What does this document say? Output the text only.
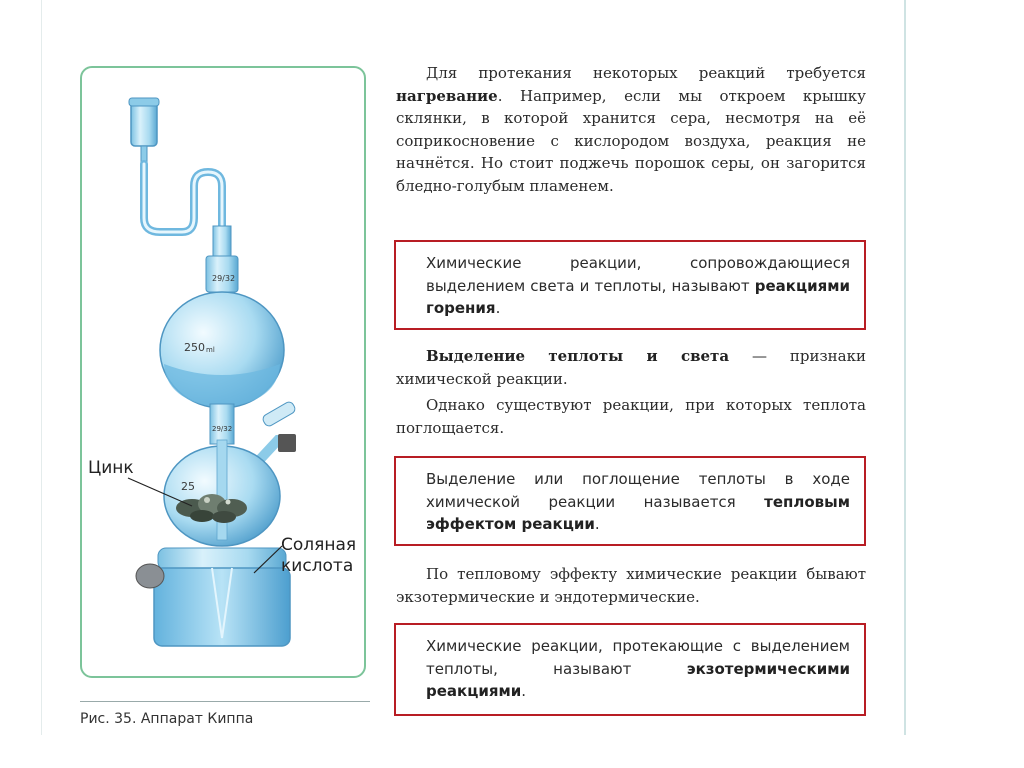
29/32
250 ml
29/32
25
Цинк
Соляная
кислота
Рис. 35. Аппарат Киппа
Для протекания некоторых реакций требуется нагревание. Например, если мы откроем крышку склянки, в которой хранится сера, несмотря на её соприкосновение с кислородом воздуха, реакция не начнётся. Но стоит поджечь порошок серы, он загорится бледно-голубым пламенем.
Химические реакции, сопровождающиеся выделением света и теплоты, называют реакциями горения.
Выделение теплоты и света — признаки химической реакции.
Однако существуют реакции, при которых теплота поглощается.
Выделение или поглощение теплоты в ходе химической реакции называется тепловым эффектом реакции.
По тепловому эффекту химические реакции бывают экзотермические и эндотермические.
Химические реакции, протекающие с выделением теплоты, называют экзотермическими реакциями.
